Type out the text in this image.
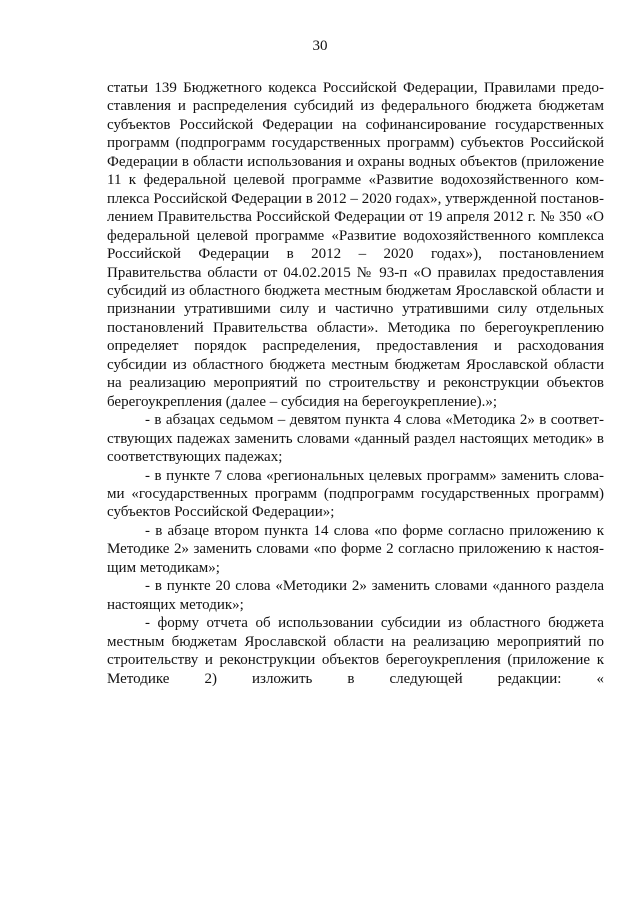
30

статьи 139 Бюджетного кодекса Российской Федерации, Правилами предоставления и распределения субсидий из федерального бюджета бюджетам субъектов Российской Федерации на софинансирование государственных программ (подпрограмм государственных программ) субъектов Российской Федерации в области использования и охраны водных объектов (приложение 11 к федеральной целевой программе «Развитие водохозяйственного комплекса Российской Федерации в 2012 – 2020 годах», утвержденной постановлением Правительства Российской Федерации от 19 апреля 2012 г. № 350 «О федеральной целевой программе «Развитие водохозяйственного комплекса Российской Федерации в 2012 – 2020 годах»), постановлением Правительства области от 04.02.2015 № 93-п «О правилах предоставления субсидий из областного бюджета местным бюджетам Ярославской области и признании утратившими силу и частично утратившими силу отдельных постановлений Правительства области». Методика по берегоукреплению определяет порядок распределения, предоставления и расходования субсидии из областного бюджета местным бюджетам Ярославской области на реализацию мероприятий по строительству и реконструкции объектов берегоукрепления (далее – субсидия на берегоукрепление).»;

- в абзацах седьмом – девятом пункта 4 слова «Методика 2» в соответствующих падежах заменить словами «данный раздел настоящих методик» в соответствующих падежах;

- в пункте 7 слова «региональных целевых программ» заменить словами «государственных программ (подпрограмм государственных программ) субъектов Российской Федерации»;

- в абзаце втором пункта 14 слова «по форме согласно приложению к Методике 2» заменить словами «по форме 2 согласно приложению к настоящим методикам»;

- в пункте 20 слова «Методики 2» заменить словами «данного раздела настоящих методик»;

- форму отчета об использовании субсидии из областного бюджета местным бюджетам Ярославской области на реализацию мероприятий по строительству и реконструкции объектов берегоукрепления (приложение к Методике 2) изложить в следующей редакции: «
